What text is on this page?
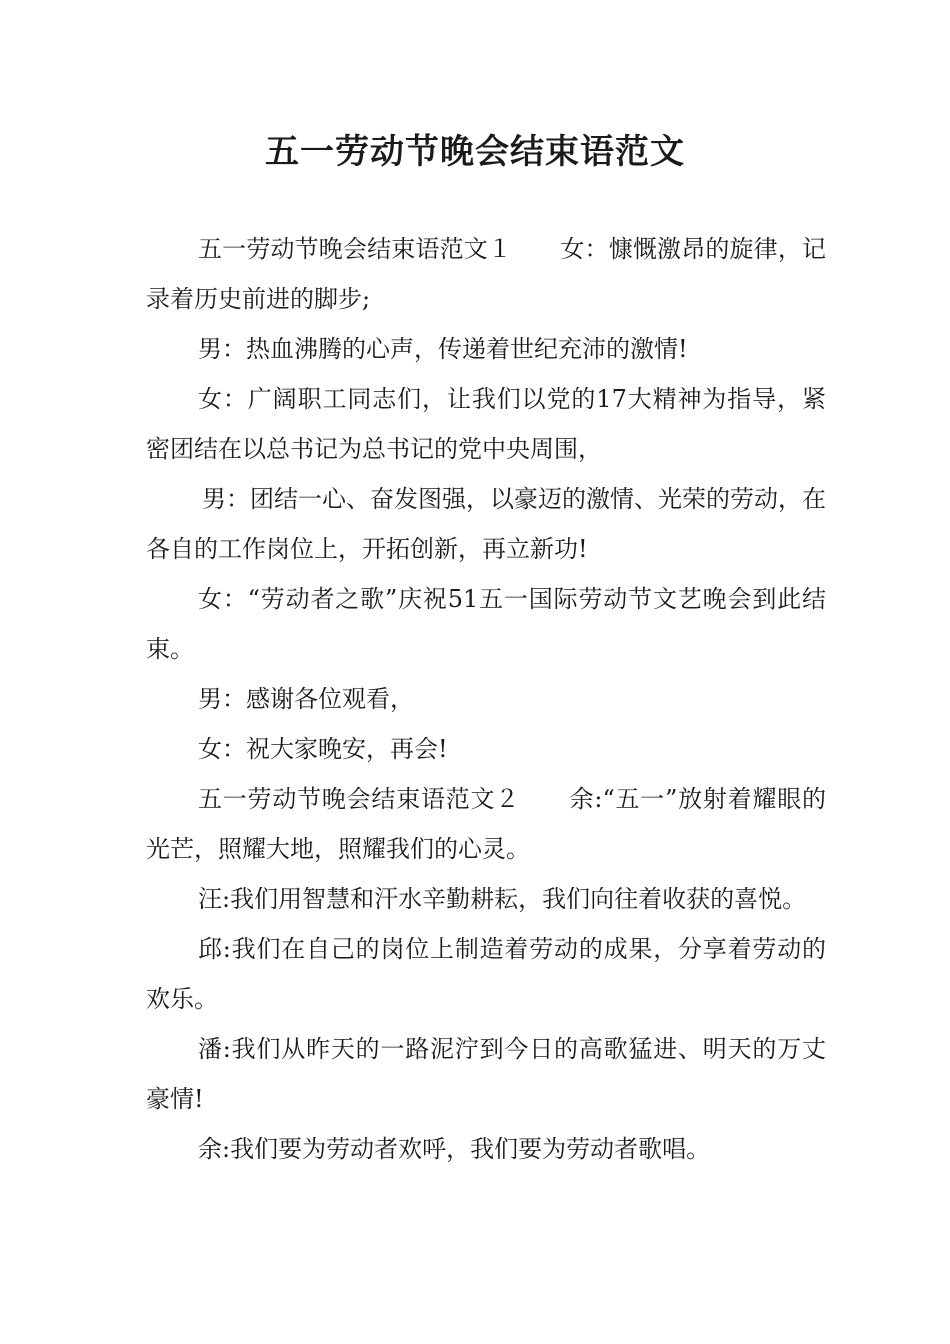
五一劳动节晚会结束语范文

五一劳动节晚会结束语范文１　　女：慷慨激昂的旋律，记录着历史前进的脚步;

男：热血沸腾的心声，传递着世纪充沛的激情!

女：广阔职工同志们，让我们以党的17大精神为指导，紧密团结在以总书记为总书记的党中央周围，

男：团结一心、奋发图强，以豪迈的激情、光荣的劳动，在各自的工作岗位上，开拓创新，再立新功!

女：“劳动者之歌”庆祝51五一国际劳动节文艺晚会到此结束。

男：感谢各位观看，

女：祝大家晚安，再会!

五一劳动节晚会结束语范文２　　余:“五一”放射着耀眼的光芒，照耀大地，照耀我们的心灵。

汪:我们用智慧和汗水辛勤耕耘，我们向往着收获的喜悦。

邱:我们在自己的岗位上制造着劳动的成果，分享着劳动的欢乐。

潘:我们从昨天的一路泥泞到今日的高歌猛进、明天的万丈豪情!

余:我们要为劳动者欢呼，我们要为劳动者歌唱。
